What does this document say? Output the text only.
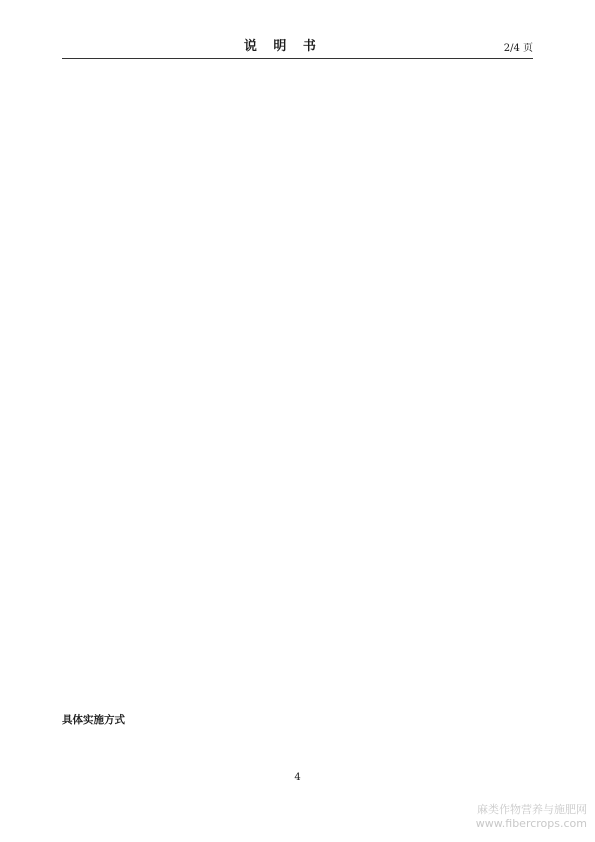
说 明 书	2/4 页
具体实施方式
4
麻类作物营养与施肥网
www.fibercrops.com
